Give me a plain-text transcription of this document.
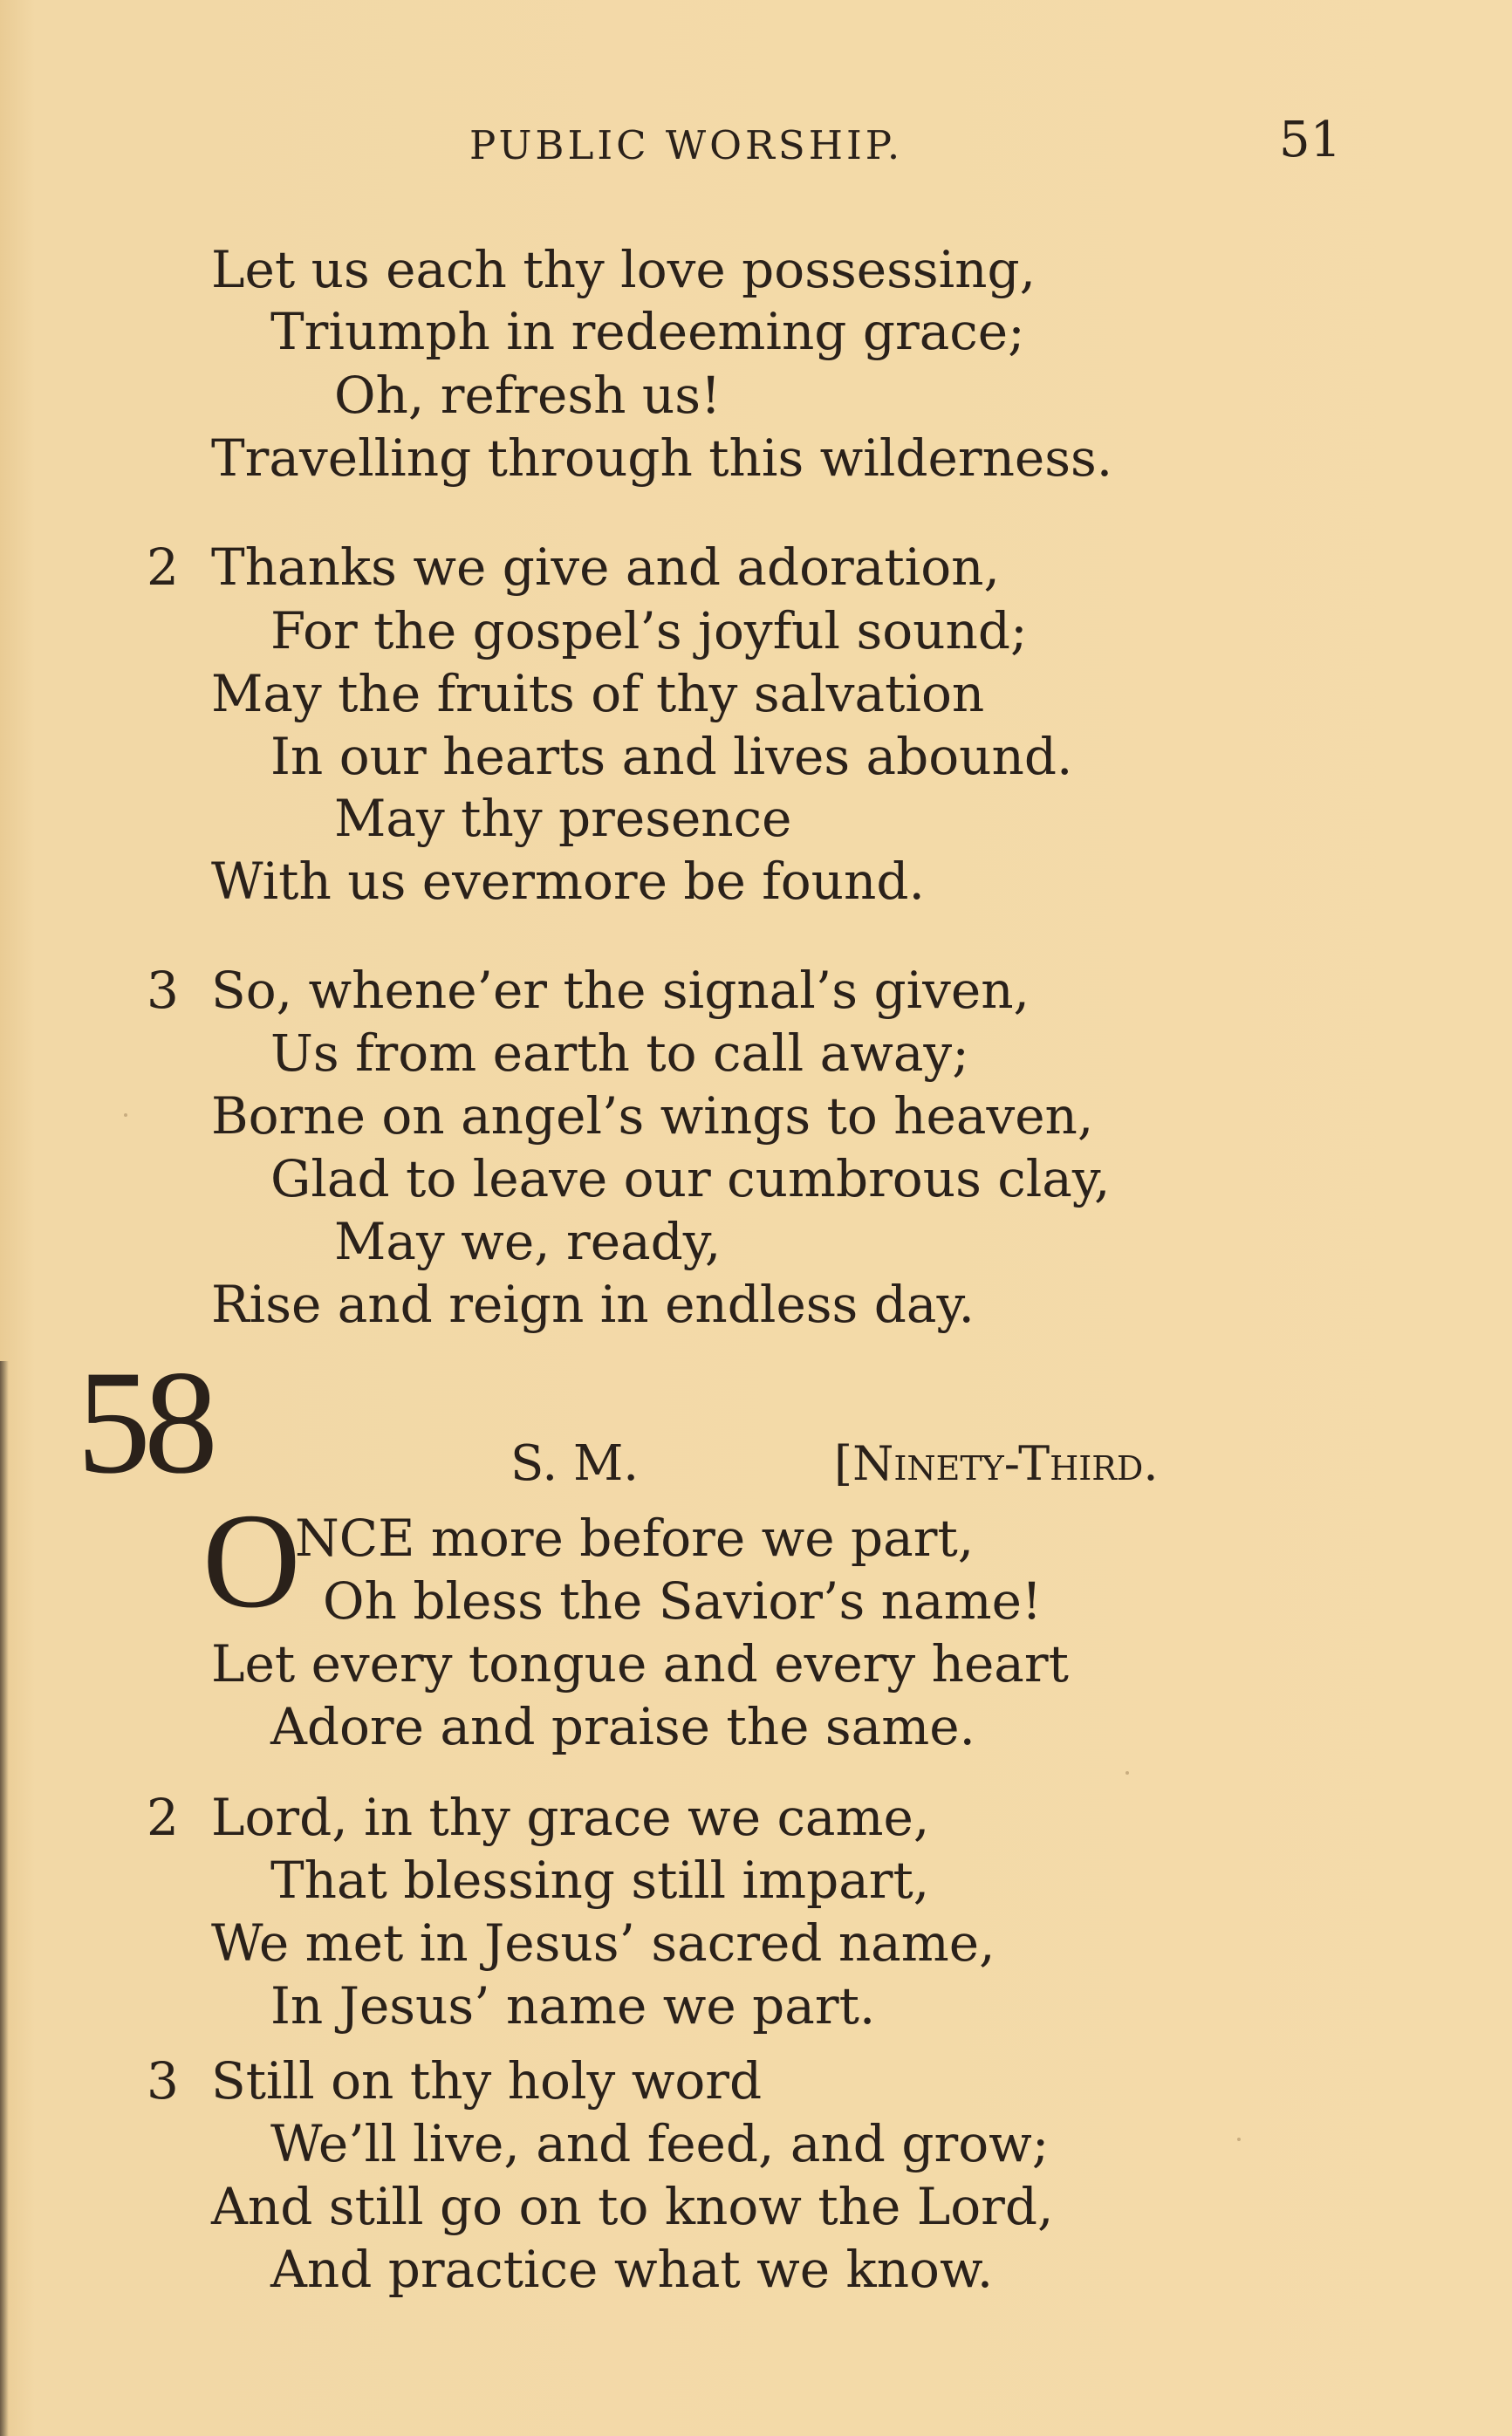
PUBLIC WORSHIP.	51
Let us each thy love possessing,
Triumph in redeeming grace;
Oh, refresh us!
Travelling through this wilderness.
2 Thanks we give and adoration,
For the gospel’s joyful sound;
May the fruits of thy salvation
In our hearts and lives abound.
May thy presence
With us evermore be found.
3 So, whene’er the signal’s given,
Us from earth to call away;
Borne on angel’s wings to heaven,
Glad to leave our cumbrous clay,
May we, ready,
Rise and reign in endless day.
58	S. M.	[Ninety-Third.
O
NCE more before we part,
Oh bless the Savior’s name!
Let every tongue and every heart
Adore and praise the same.
2 Lord, in thy grace we came,
That blessing still impart,
We met in Jesus’ sacred name,
In Jesus’ name we part.
3 Still on thy holy word
We’ll live, and feed, and grow;
And still go on to know the Lord,
And practice what we know.
